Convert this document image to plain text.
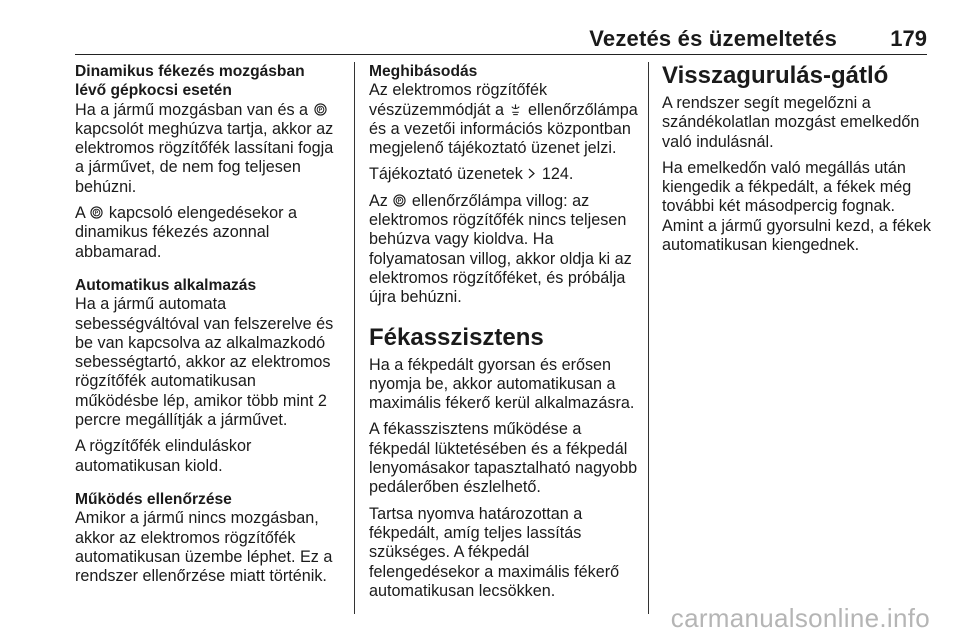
Vezetés és üzemeltetés 179
Dinamikus fékezés mozgásban lévő gépkocsi esetén

Ha a jármű mozgásban van és a P
kapcsolót meghúzva tartja, akkor az elektromos rögzítőfék lassítani fogja a járművet, de nem fog teljesen behúzni.

A P kapcsoló elengedésekor a dinamikus fékezés azonnal abbamarad.

Automatikus alkalmazás

Ha a jármű automata sebességváltóval van felszerelve és be van kapcsolva az alkalmazkodó sebességtartó, akkor az elektromos rögzítőfék automatikusan működésbe lép, amikor több mint 2 percre megállítják a járművet.

A rögzítőfék elinduláskor automatikusan kiold.

Működés ellenőrzése

Amikor a jármű nincs mozgásban, akkor az elektromos rögzítőfék automatikusan üzembe léphet. Ez a rendszer ellenőrzése miatt történik.

Meghibásodás

Az elektromos rögzítőfék vészüzemmódját a ellenőrzőlámpa és a vezetői információs központban megjelenő tájékoztató üzenet jelzi.

Tájékoztató üzenetek 124.

Az P ellenőrzőlámpa villog: az elektromos rögzítőfék nincs teljesen behúzva vagy kioldva. Ha folyamatosan villog, akkor oldja ki az elektromos rögzítőféket, és próbálja újra behúzni.

Fékasszisztens

Ha a fékpedált gyorsan és erősen nyomja be, akkor automatikusan a maximális fékerő kerül alkalmazásra.

A fékasszisztens működése a fékpedál lüktetésében és a fékpedál lenyomásakor tapasztalható nagyobb pedálerőben észlelhető.

Tartsa nyomva határozottan a fékpedált, amíg teljes lassítás szükséges. A fékpedál felengedésekor a maximális fékerő automatikusan lecsökken.

Visszagurulás-gátló

A rendszer segít megelőzni a szándékolatlan mozgást emelkedőn való indulásnál.

Ha emelkedőn való megállás után kiengedik a fékpedált, a fékek még további két másodpercig fognak. Amint a jármű gyorsulni kezd, a fékek automatikusan kiengednek.

carmanualsonline.info
